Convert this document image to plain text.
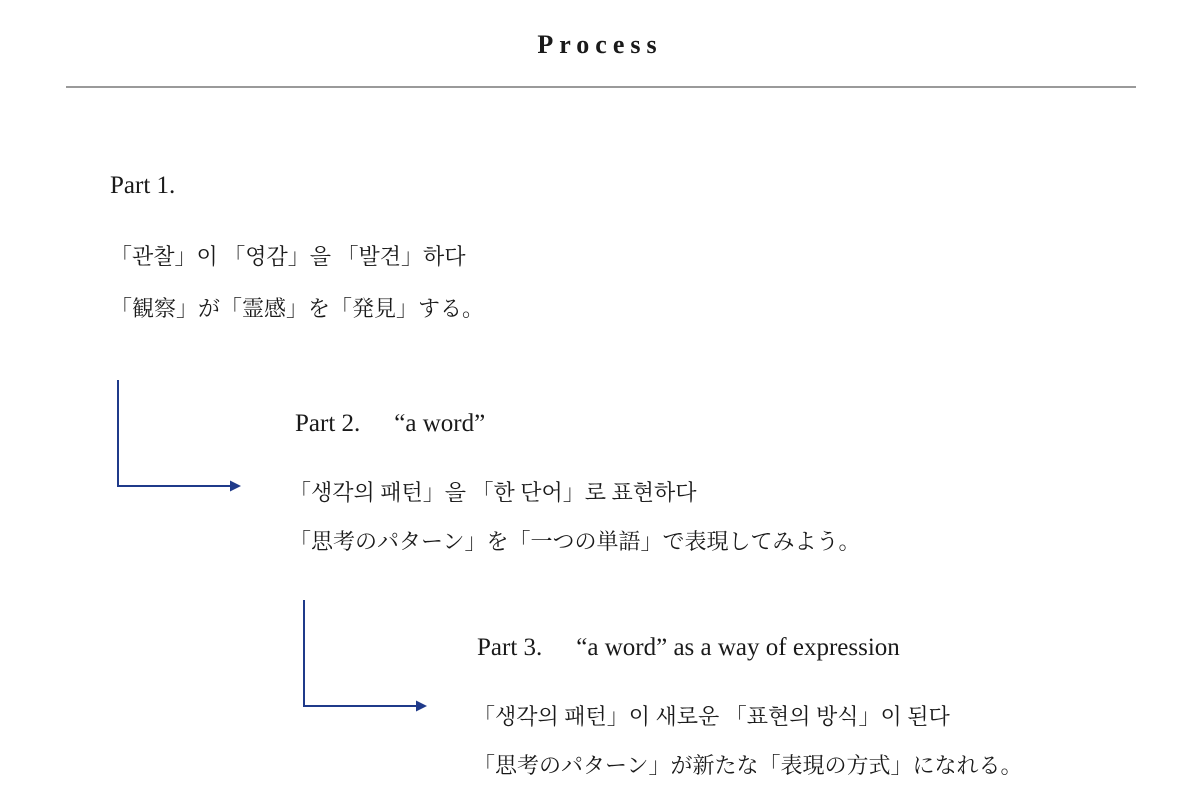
Process
Part 1.
「관찰」이 「영감」을 「발견」하다
「観察」が「霊感」を「発見」する。
Part 2. “a word”
「생각의 패턴」을 「한 단어」로 표현하다
「思考のパターン」を「一つの単語」で表現してみよう。
Part 3. “a word” as a way of expression
「생각의 패턴」이 새로운 「표현의 방식」이 된다
「思考のパターン」が新たな「表現の方式」になれる。
